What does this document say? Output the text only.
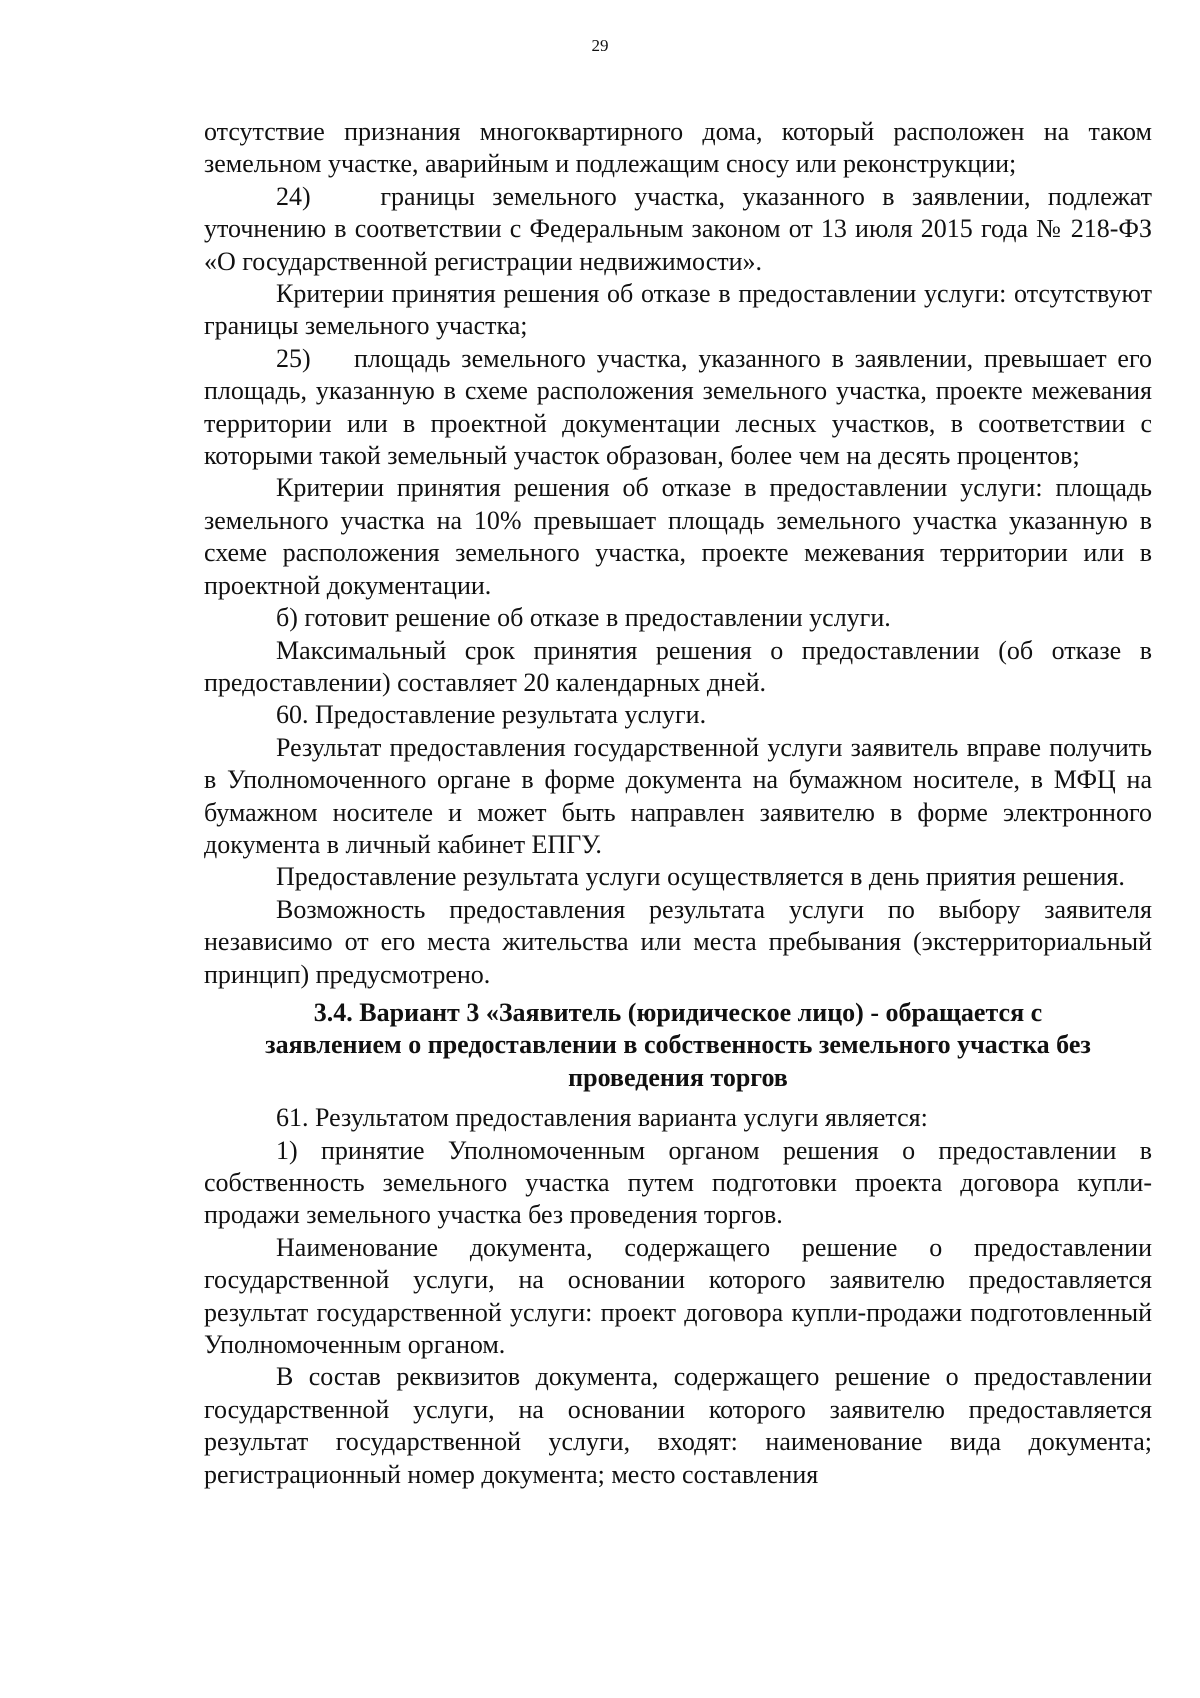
29

отсутствие признания многоквартирного дома, который расположен на таком земельном участке, аварийным и подлежащим сносу или реконструкции;

24)    границы земельного участка, указанного в заявлении, подлежат уточнению в соответствии с Федеральным законом от 13 июля 2015 года № 218-ФЗ «О государственной регистрации недвижимости».

Критерии принятия решения об отказе в предоставлении услуги: отсутствуют границы земельного участка;

25)    площадь земельного участка, указанного в заявлении, превышает его площадь, указанную в схеме расположения земельного участка, проекте межевания территории или в проектной документации лесных участков, в соответствии с которыми такой земельный участок образован, более чем на десять процентов;

Критерии принятия решения об отказе в предоставлении услуги: площадь земельного участка на 10% превышает площадь земельного участка указанную в схеме расположения земельного участка, проекте межевания территории или в проектной документации.

б) готовит решение об отказе в предоставлении услуги.

Максимальный срок принятия решения о предоставлении (об отказе в предоставлении) составляет 20 календарных дней.

60. Предоставление результата услуги.

Результат предоставления государственной услуги заявитель вправе получить в Уполномоченного органе в форме документа на бумажном носителе, в МФЦ на бумажном носителе и может быть направлен заявителю в форме электронного документа в личный кабинет ЕПГУ.

Предоставление результата услуги осуществляется в день приятия решения.

Возможность предоставления результата услуги по выбору заявителя независимо от его места жительства или места пребывания (экстерриториальный принцип) предусмотрено.

3.4. Вариант 3 «Заявитель (юридическое лицо) - обращается с
заявлением о предоставлении в собственность земельного участка без
проведения торгов

61. Результатом предоставления варианта услуги является:

1) принятие Уполномоченным органом решения о предоставлении в собственность земельного участка путем подготовки проекта договора купли-продажи земельного участка без проведения торгов.

Наименование документа, содержащего решение о предоставлении государственной услуги, на основании которого заявителю предоставляется результат государственной услуги: проект договора купли-продажи подготовленный Уполномоченным органом.

В состав реквизитов документа, содержащего решение о предоставлении государственной услуги, на основании которого заявителю предоставляется результат государственной услуги, входят: наименование вида документа; регистрационный номер документа; место составления
